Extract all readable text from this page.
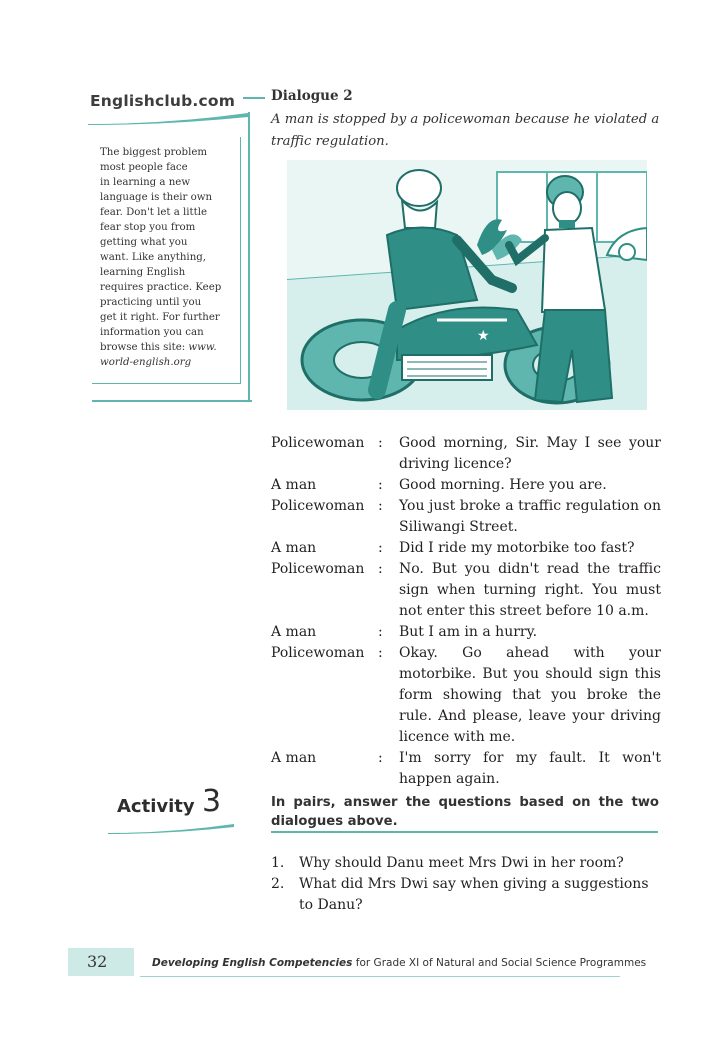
Englishclub.com
The biggest problem
most people face
in learning a new
language is their own
fear. Don't let a little
fear stop you from
getting what you
want. Like anything,
learning English
requires practice. Keep
practicing until you
get it right. For further
information you can
browse this site: www.
world-english.org
Dialogue 2
A man is stopped by a policewoman because he violated a traffic regulation.
★
Policewoman :	Good morning, Sir. May I see your driving licence?
A man	:	Good morning. Here you are.
Policewoman :	You just broke a traffic regulation on Siliwangi Street.
A man	:	Did I ride my motorbike too fast?
Policewoman :	No. But you didn't read the traffic sign when turning right. You must not enter this street before 10 a.m.
A man	:	But I am in a hurry.
Policewoman :	Okay. Go ahead with your motorbike. But you should sign this form showing that you broke the rule. And please, leave your driving licence with me.
A man	:	I'm sorry for my fault. It won't happen again.
Activity 3	In pairs, answer the questions based on the two dialogues above.
1.	Why should Danu meet Mrs Dwi in her room?
2.	What did Mrs Dwi say when giving a suggestions to Danu?
32	Developing English Competencies for Grade XI of Natural and Social Science Programmes
